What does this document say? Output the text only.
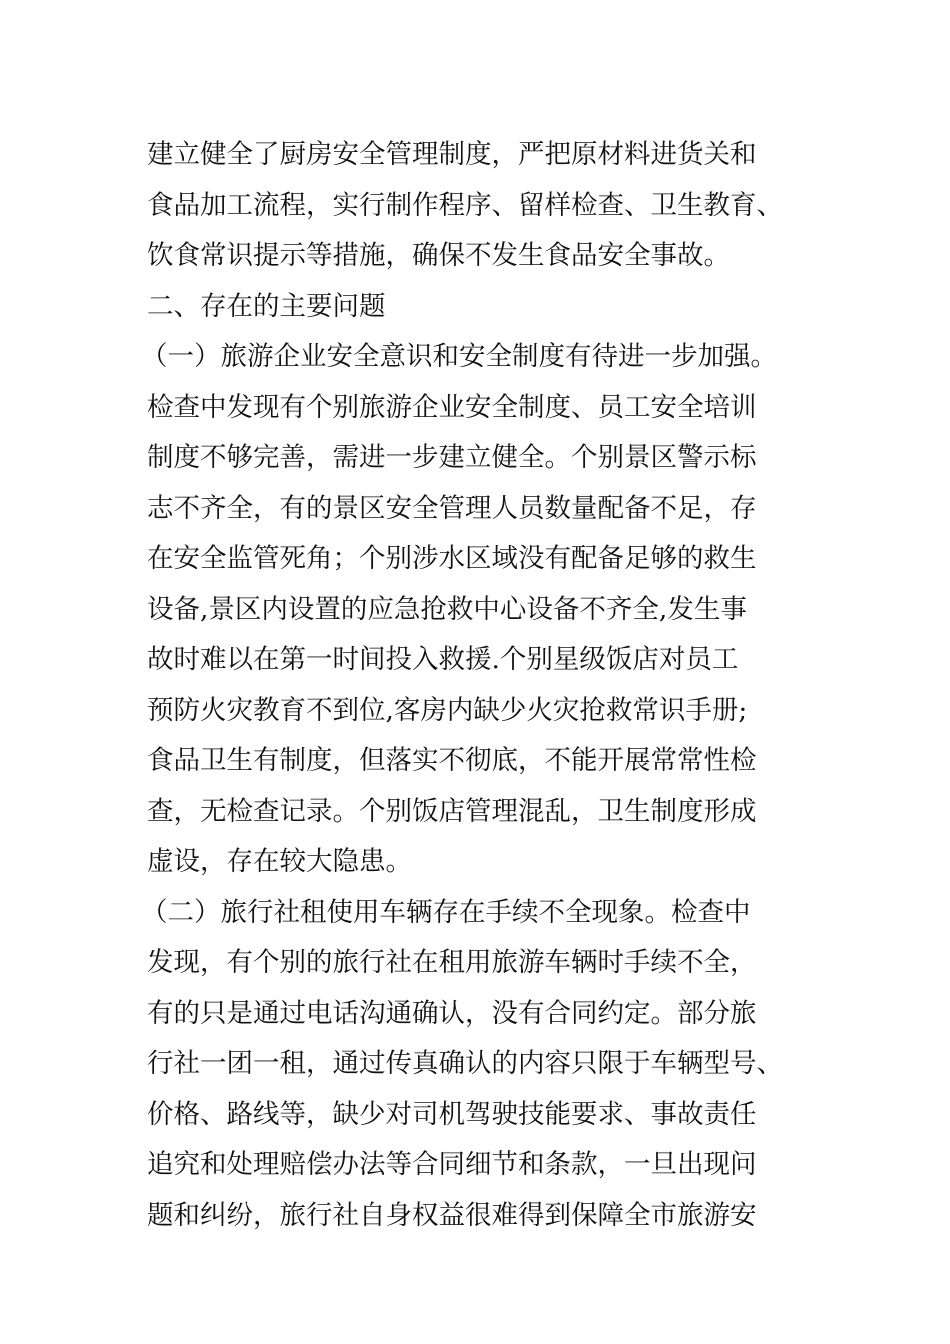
建立健全了厨房安全管理制度，严把原材料进货关和
食品加工流程，实行制作程序、留样检查、卫生教育、
饮食常识提示等措施，确保不发生食品安全事故。
二、存在的主要问题
（一）旅游企业安全意识和安全制度有待进一步加强。
检查中发现有个别旅游企业安全制度、员工安全培训
制度不够完善，需进一步建立健全。个别景区警示标
志不齐全，有的景区安全管理人员数量配备不足，存
在安全监管死角；个别涉水区域没有配备足够的救生
设备,景区内设置的应急抢救中心设备不齐全,发生事
故时难以在第一时间投入救援.个别星级饭店对员工
预防火灾教育不到位,客房内缺少火灾抢救常识手册;
食品卫生有制度，但落实不彻底，不能开展常常性检
查，无检查记录。个别饭店管理混乱，卫生制度形成
虚设，存在较大隐患。
（二）旅行社租使用车辆存在手续不全现象。检查中
发现，有个别的旅行社在租用旅游车辆时手续不全，
有的只是通过电话沟通确认，没有合同约定。部分旅
行社一团一租，通过传真确认的内容只限于车辆型号、
价格、路线等，缺少对司机驾驶技能要求、事故责任
追究和处理赔偿办法等合同细节和条款，一旦出现问
题和纠纷，旅行社自身权益很难得到保障全市旅游安
